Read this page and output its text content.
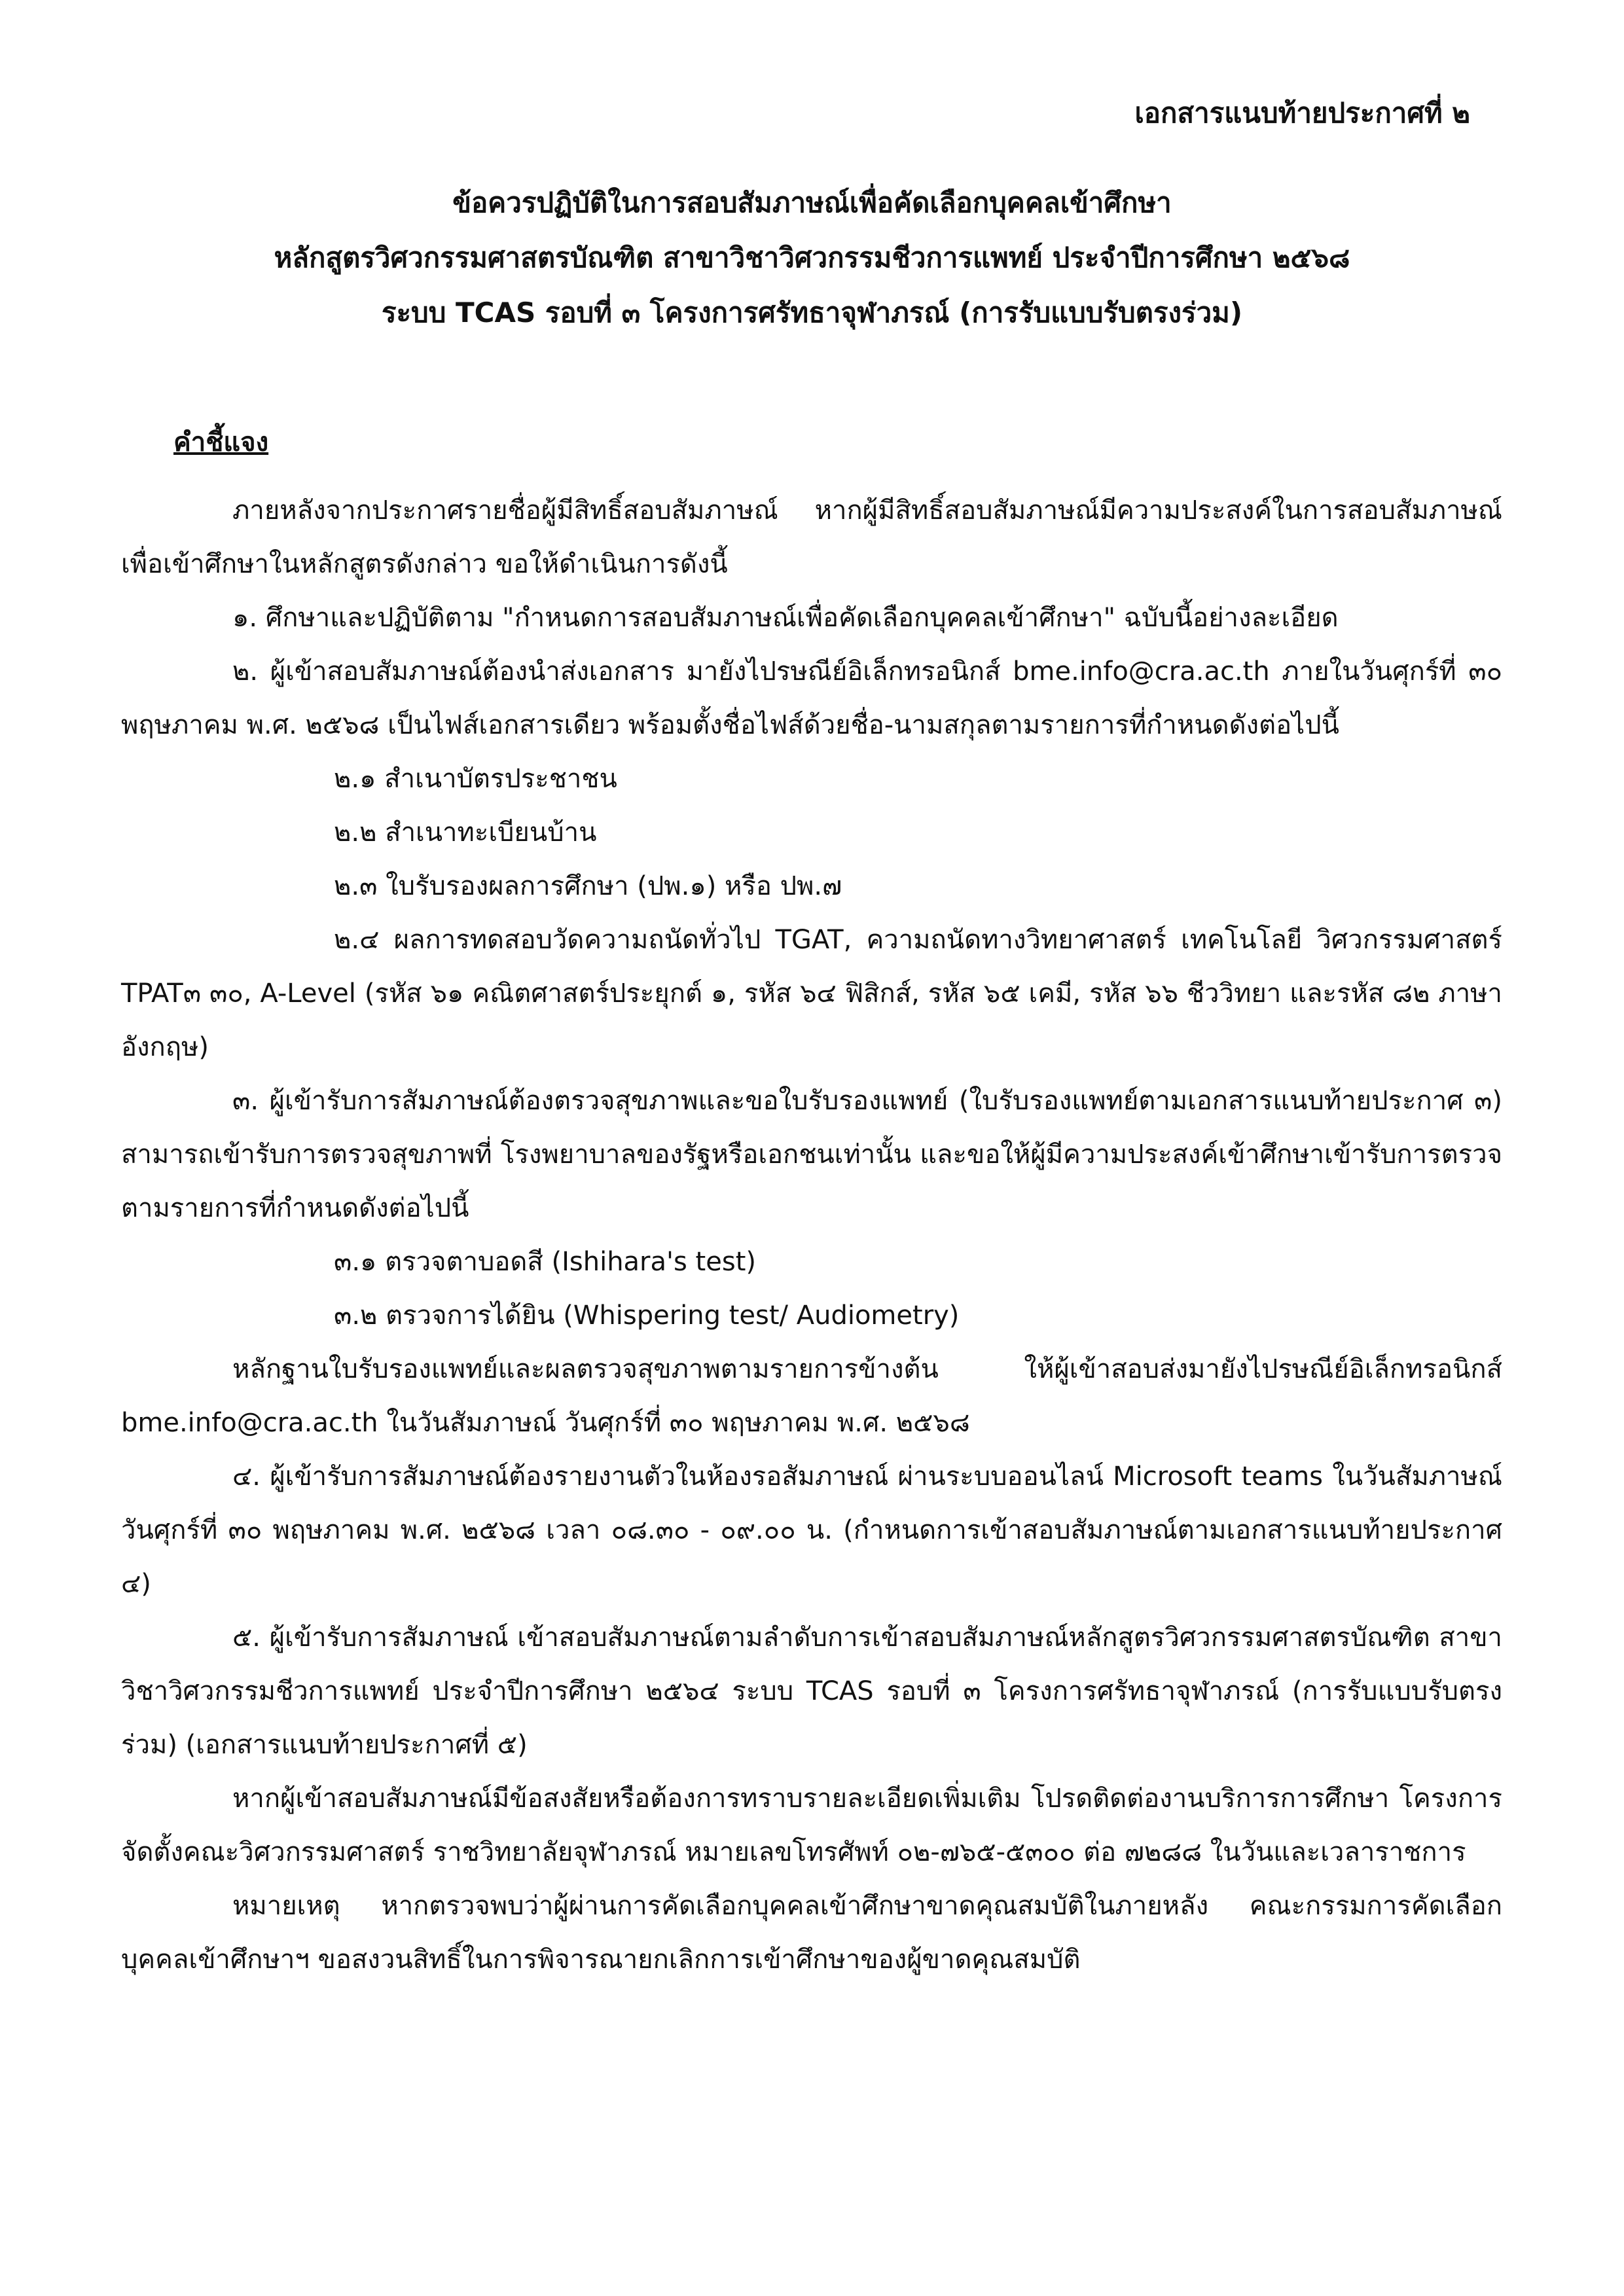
เอกสารแนบท้ายประกาศที่ ๒
ข้อควรปฏิบัติในการสอบสัมภาษณ์เพื่อคัดเลือกบุคคลเข้าศึกษา
หลักสูตรวิศวกรรมศาสตรบัณฑิต สาขาวิชาวิศวกรรมชีวการแพทย์ ประจำปีการศึกษา ๒๕๖๘
ระบบ TCAS รอบที่ ๓ โครงการศรัทธาจุฬาภรณ์ (การรับแบบรับตรงร่วม)
คำชี้แจง

ภายหลังจากประกาศรายชื่อผู้มีสิทธิ์สอบสัมภาษณ์ หากผู้มีสิทธิ์สอบสัมภาษณ์มีความประสงค์ในการสอบสัมภาษณ์เพื่อเข้าศึกษาในหลักสูตรดังกล่าว ขอให้ดำเนินการดังนี้

๑. ศึกษาและปฏิบัติตาม "กำหนดการสอบสัมภาษณ์เพื่อคัดเลือกบุคคลเข้าศึกษา" ฉบับนี้อย่างละเอียด

๒. ผู้เข้าสอบสัมภาษณ์ต้องนำส่งเอกสาร มายังไปรษณีย์อิเล็กทรอนิกส์ bme.info@cra.ac.th ภายในวันศุกร์ที่ ๓๐ พฤษภาคม พ.ศ. ๒๕๖๘ เป็นไฟส์เอกสารเดียว พร้อมตั้งชื่อไฟส์ด้วยชื่อ-นามสกุลตามรายการที่กำหนดดังต่อไปนี้

๒.๑ สำเนาบัตรประชาชน

๒.๒ สำเนาทะเบียนบ้าน

๒.๓ ใบรับรองผลการศึกษา (ปพ.๑) หรือ ปพ.๗

๒.๔ ผลการทดสอบวัดความถนัดทั่วไป TGAT, ความถนัดทางวิทยาศาสตร์ เทคโนโลยี วิศวกรรมศาสตร์ TPAT๓ ๓๐, A-Level (รหัส ๖๑ คณิตศาสตร์ประยุกต์ ๑, รหัส ๖๔ ฟิสิกส์, รหัส ๖๕ เคมี, รหัส ๖๖ ชีววิทยา และรหัส ๘๒ ภาษาอังกฤษ)

๓. ผู้เข้ารับการสัมภาษณ์ต้องตรวจสุขภาพและขอใบรับรองแพทย์ (ใบรับรองแพทย์ตามเอกสารแนบท้ายประกาศ ๓) สามารถเข้ารับการตรวจสุขภาพที่ โรงพยาบาลของรัฐหรือเอกชนเท่านั้น และขอให้ผู้มีความประสงค์เข้าศึกษาเข้ารับการตรวจตามรายการที่กำหนดดังต่อไปนี้

๓.๑ ตรวจตาบอดสี (Ishihara's test)

๓.๒ ตรวจการได้ยิน (Whispering test/ Audiometry)

หลักฐานใบรับรองแพทย์และผลตรวจสุขภาพตามรายการข้างต้น ให้ผู้เข้าสอบส่งมายังไปรษณีย์อิเล็กทรอนิกส์ bme.info@cra.ac.th ในวันสัมภาษณ์ วันศุกร์ที่ ๓๐ พฤษภาคม พ.ศ. ๒๕๖๘

๔. ผู้เข้ารับการสัมภาษณ์ต้องรายงานตัวในห้องรอสัมภาษณ์ ผ่านระบบออนไลน์ Microsoft teams ในวันสัมภาษณ์ วันศุกร์ที่ ๓๐ พฤษภาคม พ.ศ. ๒๕๖๘ เวลา ๐๘.๓๐ - ๐๙.๐๐ น. (กำหนดการเข้าสอบสัมภาษณ์ตามเอกสารแนบท้ายประกาศ ๔)

๕. ผู้เข้ารับการสัมภาษณ์ เข้าสอบสัมภาษณ์ตามลำดับการเข้าสอบสัมภาษณ์หลักสูตรวิศวกรรมศาสตรบัณฑิต สาขาวิชาวิศวกรรมชีวการแพทย์ ประจำปีการศึกษา ๒๕๖๔ ระบบ TCAS รอบที่ ๓ โครงการศรัทธาจุฬาภรณ์ (การรับแบบรับตรงร่วม) (เอกสารแนบท้ายประกาศที่ ๕)

หากผู้เข้าสอบสัมภาษณ์มีข้อสงสัยหรือต้องการทราบรายละเอียดเพิ่มเติม โปรดติดต่องานบริการการศึกษา โครงการจัดตั้งคณะวิศวกรรมศาสตร์ ราชวิทยาลัยจุฬาภรณ์ หมายเลขโทรศัพท์ ๐๒-๗๖๕-๕๓๐๐ ต่อ ๗๒๘๘ ในวันและเวลาราชการ

หมายเหตุ หากตรวจพบว่าผู้ผ่านการคัดเลือกบุคคลเข้าศึกษาขาดคุณสมบัติในภายหลัง คณะกรรมการคัดเลือกบุคคลเข้าศึกษาฯ ขอสงวนสิทธิ์ในการพิจารณายกเลิกการเข้าศึกษาของผู้ขาดคุณสมบัติ
